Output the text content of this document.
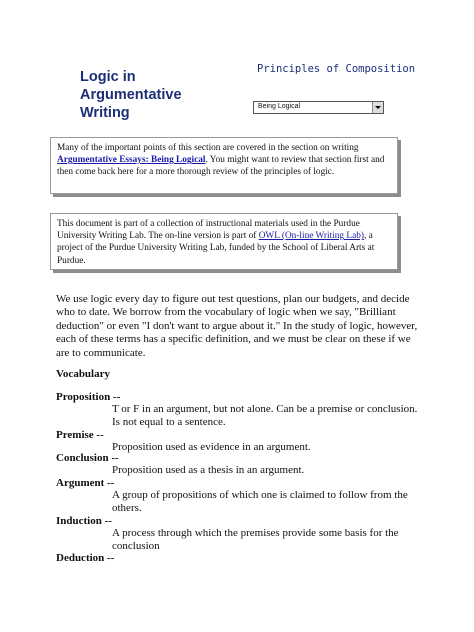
Logic in
Argumentative
Writing
Principles of Composition
Being Logical
Many of the important points of this section are covered in the section on writing Argumentative Essays: Being Logical. You might want to review that section first and then come back here for a more thorough review of the principles of logic.
This document is part of a collection of instructional materials used in the Purdue University Writing Lab. The on-line version is part of OWL (On-line Writing Lab), a project of the Purdue University Writing Lab, funded by the School of Liberal Arts at Purdue.
We use logic every day to figure out test questions, plan our budgets, and decide who to date. We borrow from the vocabulary of logic when we say, "Brilliant deduction" or even "I don't want to argue about it." In the study of logic, however, each of these terms has a specific definition, and we must be clear on these if we are to communicate.
Vocabulary
Proposition --
T or F in an argument, but not alone. Can be a premise or conclusion. Is not equal to a sentence.
Premise --
Proposition used as evidence in an argument.
Conclusion --
Proposition used as a thesis in an argument.
Argument --
A group of propositions of which one is claimed to follow from the others.
Induction --
A process through which the premises provide some basis for the conclusion
Deduction --
